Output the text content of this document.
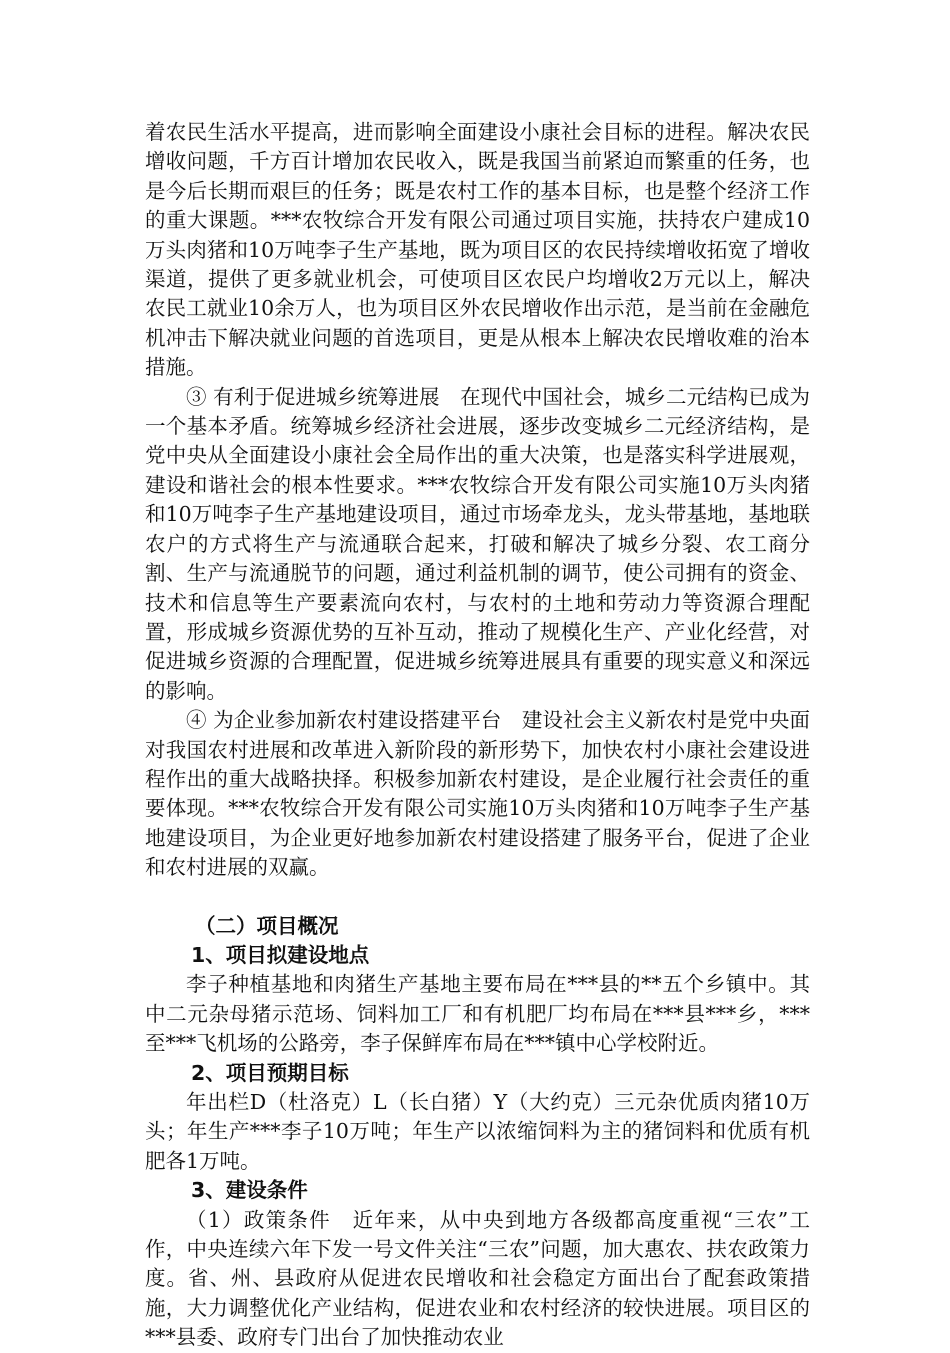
着农民生活水平提高，进而影响全面建设小康社会目标的进程。解决农民增收问题，千方百计增加农民收入，既是我国当前紧迫而繁重的任务，也是今后长期而艰巨的任务；既是农村工作的基本目标，也是整个经济工作的重大课题。***农牧综合开发有限公司通过项目实施，扶持农户建成10万头肉猪和10万吨李子生产基地，既为项目区的农民持续增收拓宽了增收渠道，提供了更多就业机会，可使项目区农民户均增收2万元以上，解决农民工就业10余万人，也为项目区外农民增收作出示范，是当前在金融危机冲击下解决就业问题的首选项目，更是从根本上解决农民增收难的治本措施。

③ 有利于促进城乡统筹进展　在现代中国社会，城乡二元结构已成为一个基本矛盾。统筹城乡经济社会进展，逐步改变城乡二元经济结构，是党中央从全面建设小康社会全局作出的重大决策，也是落实科学进展观，建设和谐社会的根本性要求。***农牧综合开发有限公司实施10万头肉猪和10万吨李子生产基地建设项目，通过市场牵龙头，龙头带基地，基地联农户的方式将生产与流通联合起来，打破和解决了城乡分裂、农工商分割、生产与流通脱节的问题，通过利益机制的调节，使公司拥有的资金、技术和信息等生产要素流向农村，与农村的土地和劳动力等资源合理配置，形成城乡资源优势的互补互动，推动了规模化生产、产业化经营，对促进城乡资源的合理配置，促进城乡统筹进展具有重要的现实意义和深远的影响。

④ 为企业参加新农村建设搭建平台　建设社会主义新农村是党中央面对我国农村进展和改革进入新阶段的新形势下，加快农村小康社会建设进程作出的重大战略抉择。积极参加新农村建设，是企业履行社会责任的重要体现。***农牧综合开发有限公司实施10万头肉猪和10万吨李子生产基地建设项目，为企业更好地参加新农村建设搭建了服务平台，促进了企业和农村进展的双赢。

（二）项目概况
1、项目拟建设地点

李子种植基地和肉猪生产基地主要布局在***县的**五个乡镇中。其中二元杂母猪示范场、饲料加工厂和有机肥厂均布局在***县***乡，***至***飞机场的公路旁，李子保鲜库布局在***镇中心学校附近。

2、项目预期目标

年出栏D（杜洛克）L（长白猪）Y（大约克）三元杂优质肉猪10万头；年生产***李子10万吨；年生产以浓缩饲料为主的猪饲料和优质有机肥各1万吨。

3、建设条件

（1）政策条件　近年来，从中央到地方各级都高度重视“三农”工作，中央连续六年下发一号文件关注“三农”问题，加大惠农、扶农政策力度。省、州、县政府从促进农民增收和社会稳定方面出台了配套政策措施，大力调整优化产业结构，促进农业和农村经济的较快进展。项目区的***县委、政府专门出台了加快推动农业
